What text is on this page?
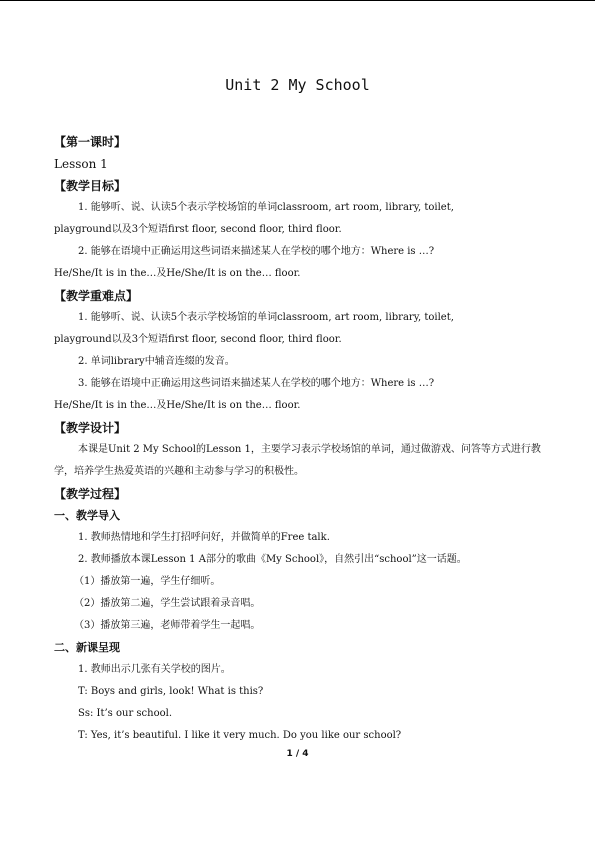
Unit 2 My School
【第一课时】
Lesson 1
【教学目标】
1. 能够听、说、认读5个表示学校场馆的单词classroom, art room, library, toilet,
playground以及3个短语first floor, second floor, third floor.
2. 能够在语境中正确运用这些词语来描述某人在学校的哪个地方：Where is …?
He/She/It is in the…及He/She/It is on the… floor.
【教学重难点】
1. 能够听、说、认读5个表示学校场馆的单词classroom, art room, library, toilet,
playground以及3个短语first floor, second floor, third floor.
2. 单词library中辅音连缀的发音。
3. 能够在语境中正确运用这些词语来描述某人在学校的哪个地方：Where is …?
He/She/It is in the…及He/She/It is on the… floor.
【教学设计】
本课是Unit 2 My School的Lesson 1，主要学习表示学校场馆的单词，通过做游戏、问答等方式进行教学，培养学生热爱英语的兴趣和主动参与学习的积极性。
【教学过程】
一、教学导入
1. 教师热情地和学生打招呼问好，并做简单的Free talk.
2. 教师播放本课Lesson 1 A部分的歌曲《My School》，自然引出“school”这一话题。
（1）播放第一遍，学生仔细听。
（2）播放第二遍，学生尝试跟着录音唱。
（3）播放第三遍，老师带着学生一起唱。
二、新课呈现
1. 教师出示几张有关学校的图片。
T: Boys and girls, look! What is this?
Ss: It’s our school.
T: Yes, it’s beautiful. I like it very much. Do you like our school?
1 / 4
